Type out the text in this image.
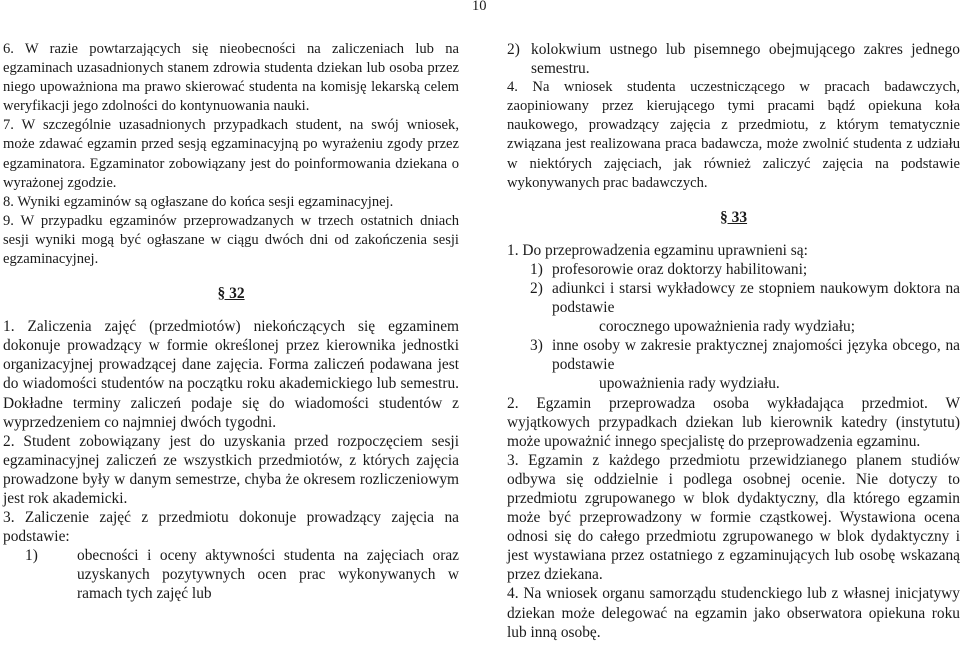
10

6. W razie powtarzających się nieobecności na zaliczeniach lub na egzaminach uzasadnionych stanem zdrowia studenta dziekan lub osoba przez niego upoważniona ma prawo skierować studenta na komisję lekarską celem weryfikacji jego zdolności do kontynuowania nauki.

7. W szczególnie uzasadnionych przypadkach student, na swój wniosek, może zdawać egzamin przed sesją egzaminacyjną po wyrażeniu zgody przez egzaminatora. Egzaminator zobowiązany jest do poinformowania dziekana o wyrażonej zgodzie.

8. Wyniki egzaminów są ogłaszane do końca sesji egzaminacyjnej.

9. W przypadku egzaminów przeprowadzanych w trzech ostatnich dniach sesji wyniki mogą być ogłaszane w ciągu dwóch dni od zakończenia sesji egzaminacyjnej.

§ 32

1. Zaliczenia zajęć (przedmiotów) niekończących się egzaminem dokonuje prowadzący w formie określonej przez kierownika jednostki organizacyjnej prowadzącej dane zajęcia. Forma zaliczeń podawana jest do wiadomości studentów na początku roku akademickiego lub semestru. Dokładne terminy zaliczeń podaje się do wiadomości studentów z wyprzedzeniem co najmniej dwóch tygodni.

2. Student zobowiązany jest do uzyskania przed rozpoczęciem sesji egzaminacyjnej zaliczeń ze wszystkich przedmiotów, z których zajęcia prowadzone były w danym semestrze, chyba że okresem rozliczeniowym jest rok akademicki.

3. Zaliczenie zajęć z przedmiotu dokonuje prowadzący zajęcia na podstawie:

1)	obecności i oceny aktywności studenta na zajęciach oraz uzyskanych pozytywnych ocen prac wykonywanych w ramach tych zajęć lub
2) kolokwium ustnego lub pisemnego obejmującego zakres jednego semestru.

4. Na wniosek studenta uczestniczącego w pracach badawczych, zaopiniowany przez kierującego tymi pracami bądź opiekuna koła naukowego, prowadzący zajęcia z przedmiotu, z którym tematycznie związana jest realizowana praca badawcza, może zwolnić studenta z udziału w niektórych zajęciach, jak również zaliczyć zajęcia na podstawie wykonywanych prac badawczych.

§ 33

1. Do przeprowadzenia egzaminu uprawnieni są:

1) profesorowie oraz doktorzy habilitowani;
2) adiunkci i starsi wykładowcy ze stopniem naukowym doktora na podstawie

corocznego upoważnienia rady wydziału;

3) inne osoby w zakresie praktycznej znajomości języka obcego, na podstawie

upoważnienia rady wydziału.

2. Egzamin przeprowadza osoba wykładająca przedmiot. W wyjątkowych przypadkach dziekan lub kierownik katedry (instytutu) może upoważnić innego specjalistę do przeprowadzenia egzaminu.

3. Egzamin z każdego przedmiotu przewidzianego planem studiów odbywa się oddzielnie i podlega osobnej ocenie. Nie dotyczy to przedmiotu zgrupowanego w blok dydaktyczny, dla którego egzamin może być przeprowadzony w formie cząstkowej. Wystawiona ocena odnosi się do całego przedmiotu zgrupowanego w blok dydaktyczny i jest wystawiana przez ostatniego z egzaminujących lub osobę wskazaną przez dziekana.

4. Na wniosek organu samorządu studenckiego lub z własnej inicjatywy dziekan może delegować na egzamin jako obserwatora opiekuna roku lub inną osobę.
